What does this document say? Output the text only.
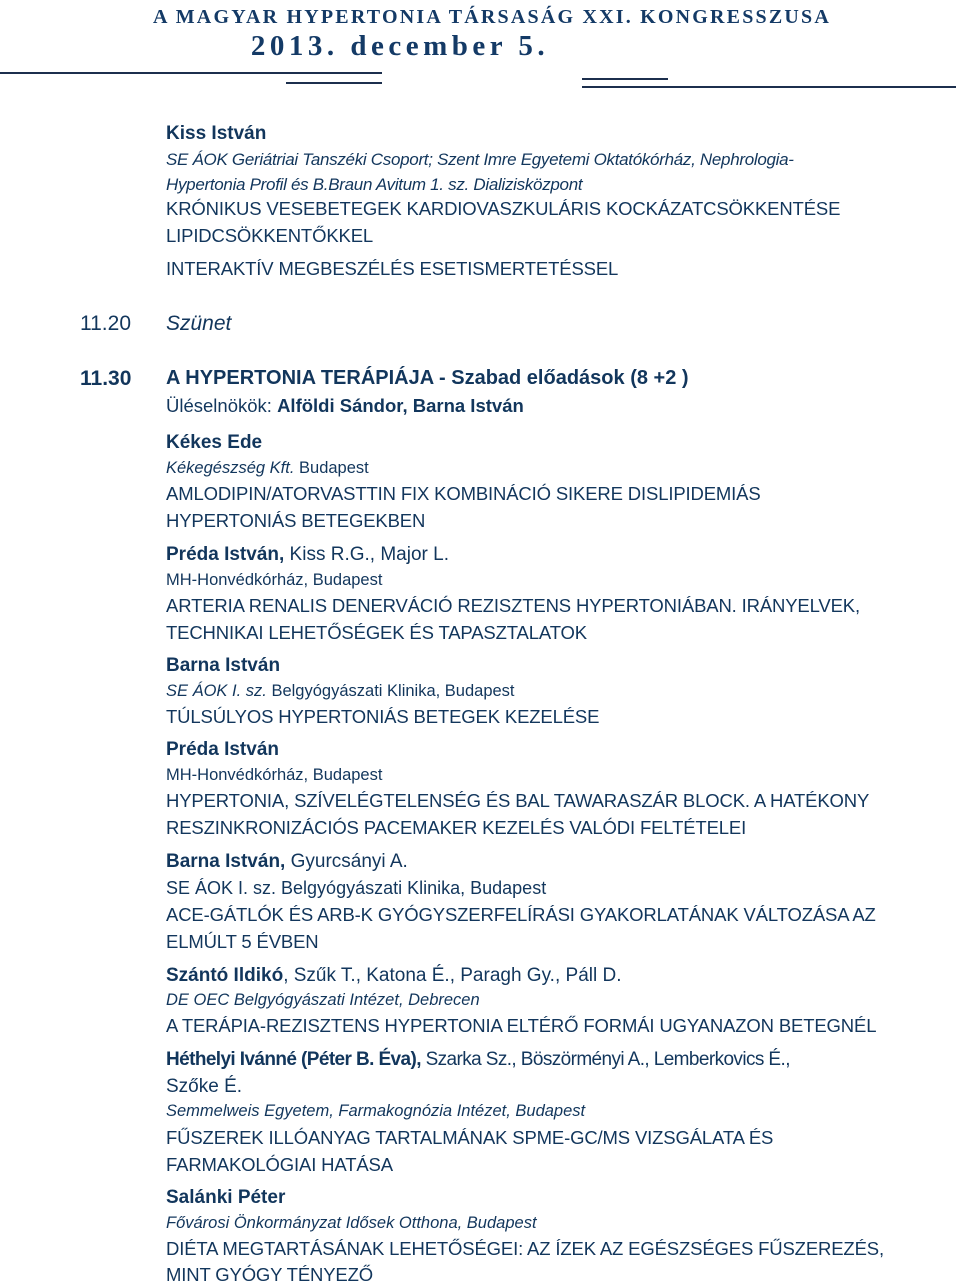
A MAGYAR HYPERTONIA TÁRSASÁG XXI. KONGRESSZUSA
2013. december 5.
Kiss István
SE ÁOK Geriátriai Tanszéki Csoport; Szent Imre Egyetemi Oktatókórház, Nephrologia-
Hypertonia Profil és B.Braun Avitum 1. sz. Dializisközpont
KRÓNIKUS VESEBETEGEK KARDIOVASZKULÁRIS KOCKÁZATCSÖKKENTÉSE
LIPIDCSÖKKENTŐKKEL
INTERAKTÍV MEGBESZÉLÉS ESETISMERTETÉSSEL
11.20 Szünet
11.30 A HYPERTONIA TERÁPIÁJA - Szabad előadások (8 +2 )
Üléselnökök: Alföldi Sándor, Barna István
Kékes Ede
Kékegészség Kft. Budapest
AMLODIPIN/ATORVASTTIN FIX KOMBINÁCIÓ SIKERE DISLIPIDEMIÁS
HYPERTONIÁS BETEGEKBEN
Préda István, Kiss R.G., Major L.
MH-Honvédkórház, Budapest
ARTERIA RENALIS DENERVÁCIÓ REZISZTENS HYPERTONIÁBAN. IRÁNYELVEK,
TECHNIKAI LEHETŐSÉGEK ÉS TAPASZTALATOK
Barna István
SE ÁOK I. sz. Belgyógyászati Klinika, Budapest
TÚLSÚLYOS HYPERTONIÁS BETEGEK KEZELÉSE
Préda István
MH-Honvédkórház, Budapest
HYPERTONIA, SZÍVELÉGTELENSÉG ÉS BAL TAWARASZÁR BLOCK. A HATÉKONY
RESZINKRONIZÁCIÓS PACEMAKER KEZELÉS VALÓDI FELTÉTELEI
Barna István, Gyurcsányi A.
SE ÁOK I. sz. Belgyógyászati Klinika, Budapest
ACE-GÁTLÓK ÉS ARB-K GYÓGYSZERFELÍRÁSI GYAKORLATÁNAK VÁLTOZÁSA AZ
ELMÚLT 5 ÉVBEN
Szántó Ildikó, Szűk T., Katona É., Paragh Gy., Páll D.
DE OEC Belgyógyászati Intézet, Debrecen
A TERÁPIA-REZISZTENS HYPERTONIA ELTÉRŐ FORMÁI UGYANAZON BETEGNÉL
Héthelyi Ivánné (Péter B. Éva), Szarka Sz., Böszörményi A., Lemberkovics É.,
Szőke É.
Semmelweis Egyetem, Farmakognózia Intézet, Budapest
FŰSZEREK ILLÓANYAG TARTALMÁNAK SPME-GC/MS VIZSGÁLATA ÉS
FARMAKOLÓGIAI HATÁSA
Salánki Péter
Fővárosi Önkormányzat Idősek Otthona, Budapest
DIÉTA MEGTARTÁSÁNAK LEHETŐSÉGEI: AZ ÍZEK AZ EGÉSZSÉGES FŰSZEREZÉS,
MINT GYÓGY TÉNYEZŐ
